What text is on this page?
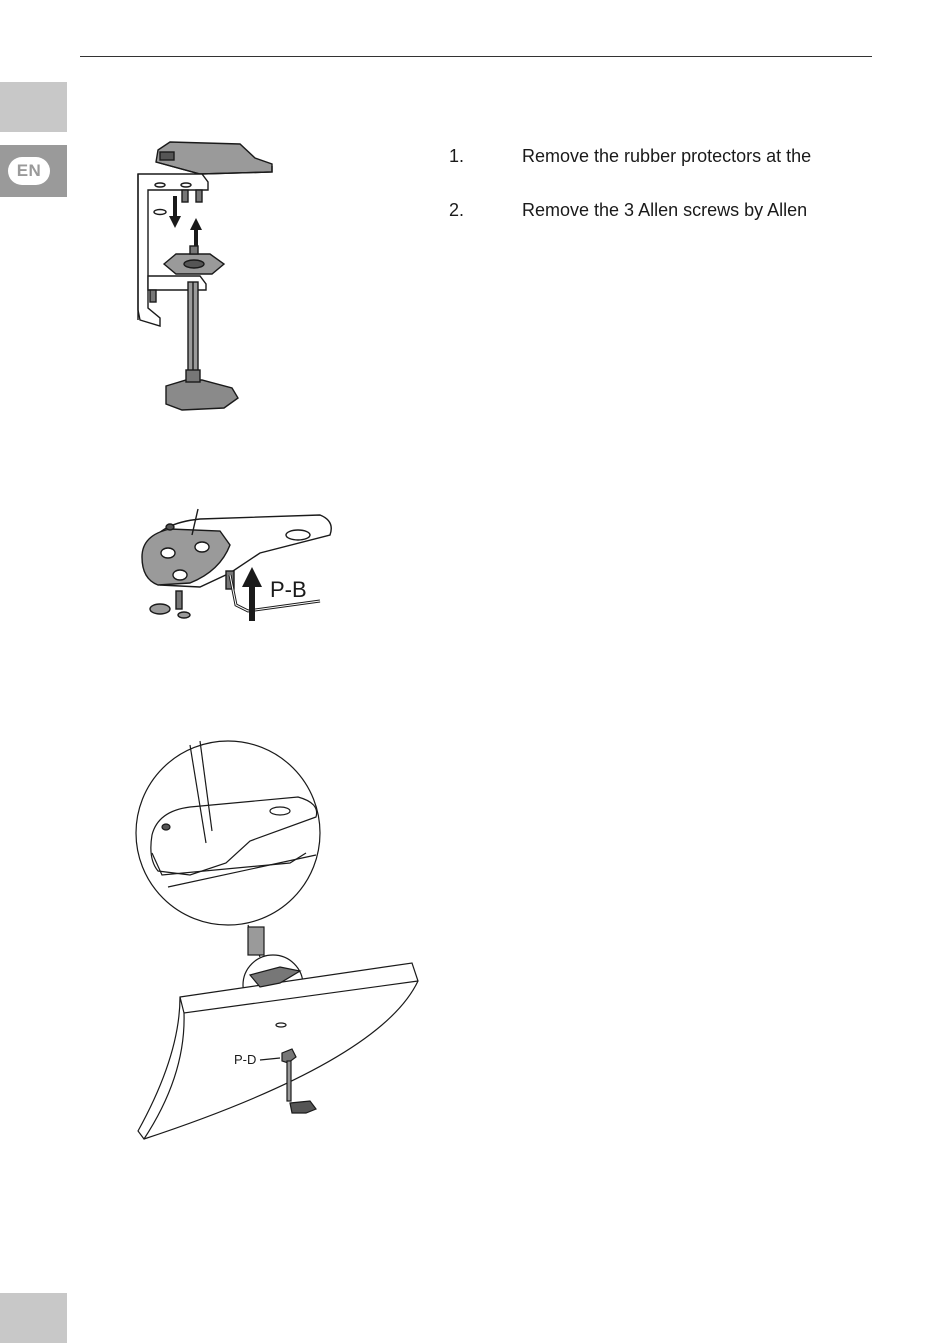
EN
1.	Remove the rubber protectors at the
2.	Remove the 3 Allen screws by Allen
P-B
P-D
